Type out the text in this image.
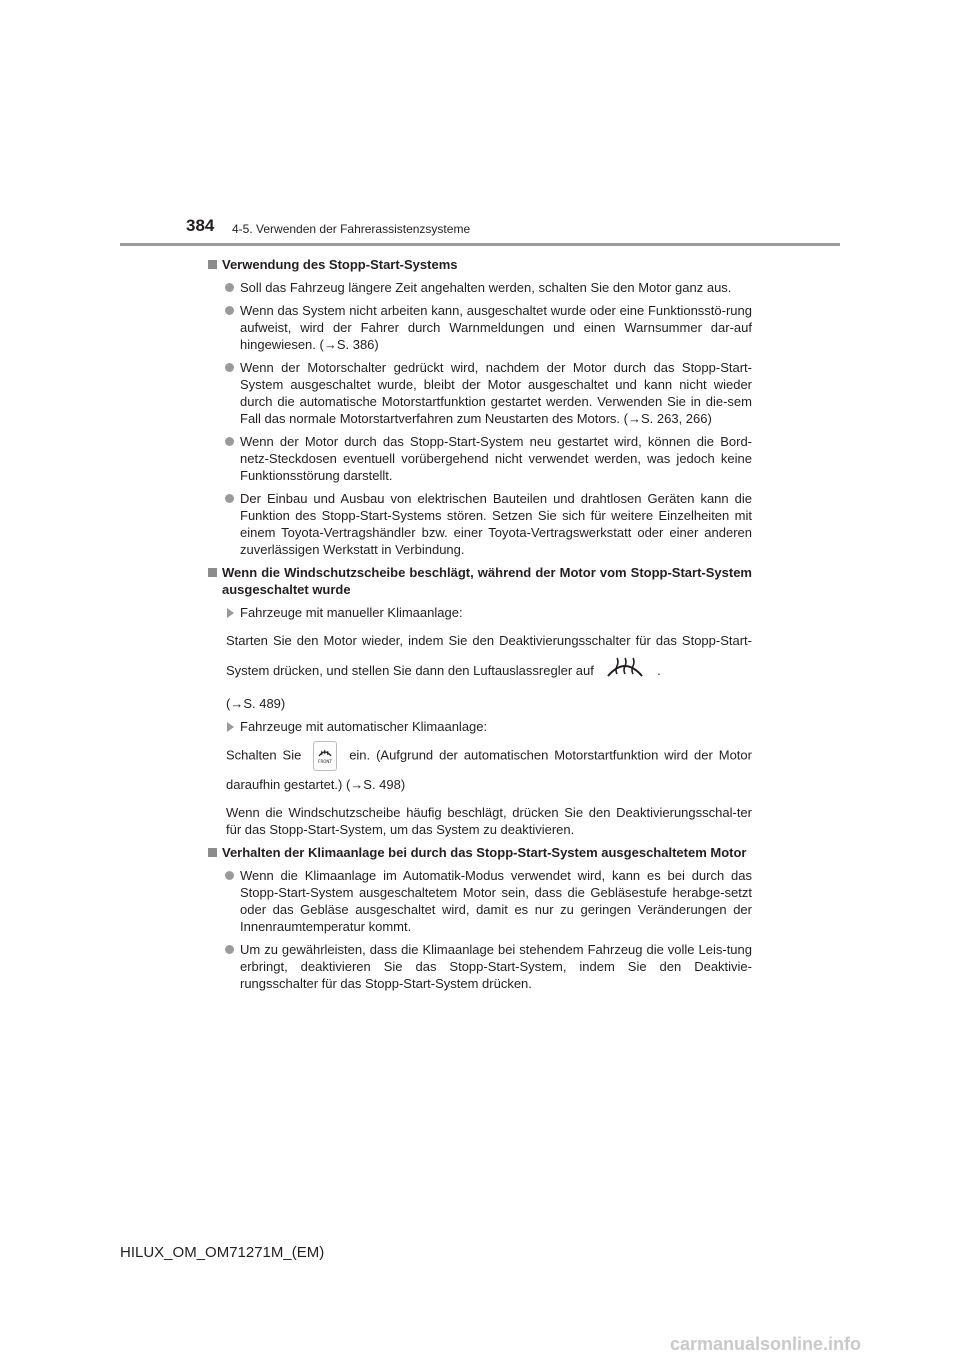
384 4-5. Verwenden der Fahrerassistenzsysteme
Verwendung des Stopp-Start-Systems
Soll das Fahrzeug längere Zeit angehalten werden, schalten Sie den Motor ganz aus.
Wenn das System nicht arbeiten kann, ausgeschaltet wurde oder eine Funktionsstö-rung aufweist, wird der Fahrer durch Warnmeldungen und einen Warnsummer dar-auf hingewiesen. (→S. 386)
Wenn der Motorschalter gedrückt wird, nachdem der Motor durch das Stopp-Start-System ausgeschaltet wurde, bleibt der Motor ausgeschaltet und kann nicht wieder durch die automatische Motorstartfunktion gestartet werden. Verwenden Sie in die-sem Fall das normale Motorstartverfahren zum Neustarten des Motors. (→S. 263, 266)
Wenn der Motor durch das Stopp-Start-System neu gestartet wird, können die Bord-netz-Steckdosen eventuell vorübergehend nicht verwendet werden, was jedoch keine Funktionsstörung darstellt.
Der Einbau und Ausbau von elektrischen Bauteilen und drahtlosen Geräten kann die Funktion des Stopp-Start-Systems stören. Setzen Sie sich für weitere Einzelheiten mit einem Toyota-Vertragshändler bzw. einer Toyota-Vertragswerkstatt oder einer anderen zuverlässigen Werkstatt in Verbindung.
Wenn die Windschutzscheibe beschlägt, während der Motor vom Stopp-Start-System ausgeschaltet wurde
Fahrzeuge mit manueller Klimaanlage:
Starten Sie den Motor wieder, indem Sie den Deaktivierungsschalter für das Stopp-Start-System drücken, und stellen Sie dann den Luftauslassregler auf	.
(→S. 489)
Fahrzeuge mit automatischer Klimaanlage:
Schalten Sie	FRONT ein. (Aufgrund der automatischen Motorstartfunktion wird der Motor daraufhin gestartet.) (→S. 498)
Wenn die Windschutzscheibe häufig beschlägt, drücken Sie den Deaktivierungsschal-ter für das Stopp-Start-System, um das System zu deaktivieren.
Verhalten der Klimaanlage bei durch das Stopp-Start-System ausgeschaltetem Motor
Wenn die Klimaanlage im Automatik-Modus verwendet wird, kann es bei durch das Stopp-Start-System ausgeschaltetem Motor sein, dass die Gebläsestufe herabge-setzt oder das Gebläse ausgeschaltet wird, damit es nur zu geringen Veränderungen der Innenraumtemperatur kommt.
Um zu gewährleisten, dass die Klimaanlage bei stehendem Fahrzeug die volle Leis-tung erbringt, deaktivieren Sie das Stopp-Start-System, indem Sie den Deaktivie-rungsschalter für das Stopp-Start-System drücken.
HILUX_OM_OM71271M_(EM)
carmanualsonline.info
